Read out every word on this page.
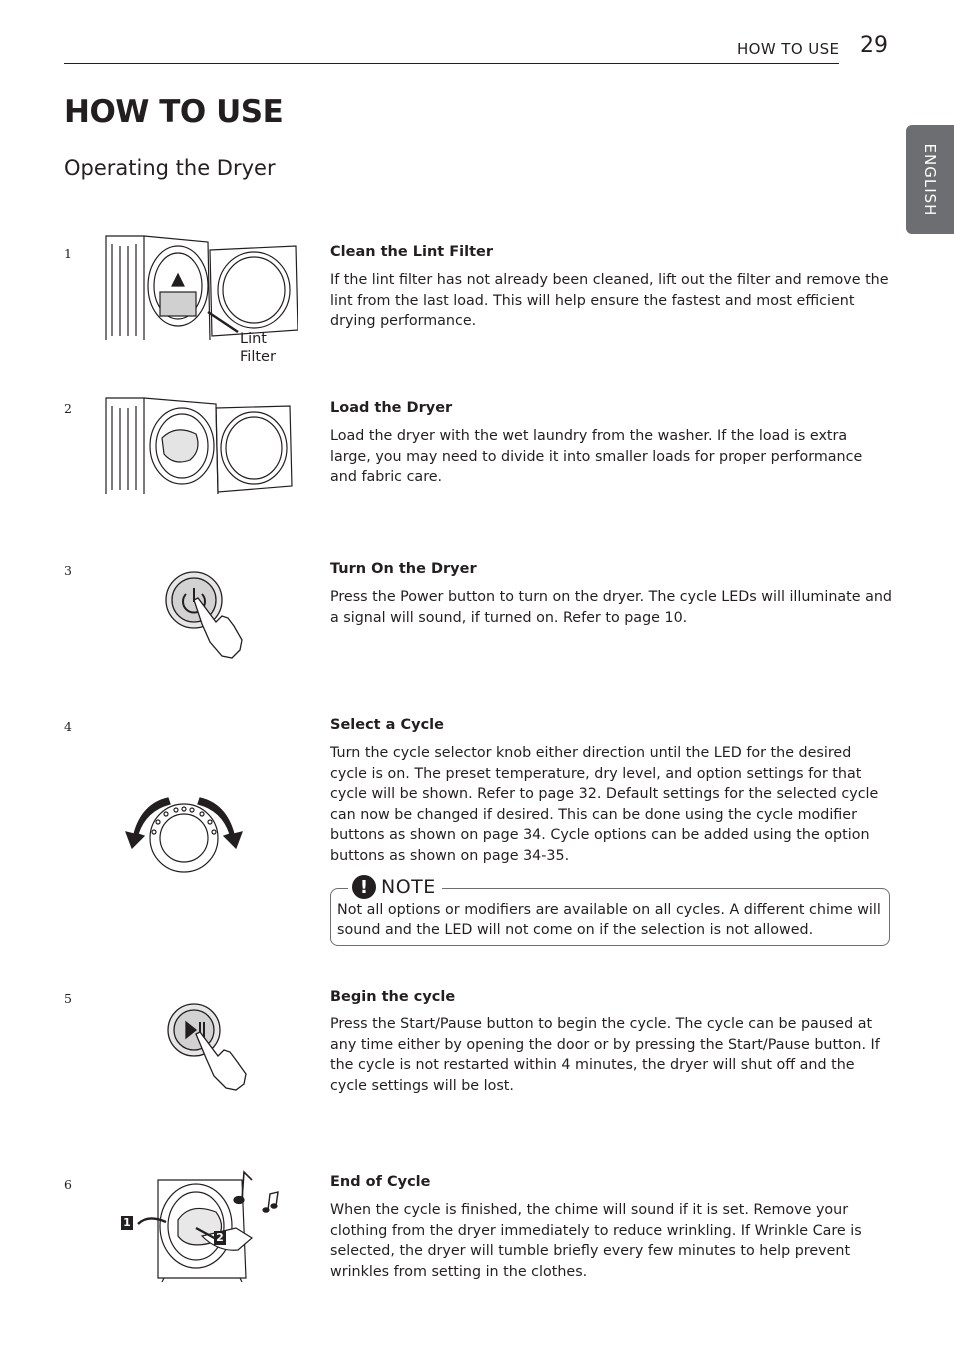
HOW TO USE 29
HOW TO USE
Operating the Dryer	ENGLISH
1
Lint
Filter
Clean the Lint Filter
If the lint filter has not already been cleaned, lift out the filter and remove the lint from the last load. This will help ensure the fastest and most efficient drying performance.
2	Load the Dryer
Load the dryer with the wet laundry from the washer. If the load is extra large, you may need to divide it into smaller loads for proper performance and fabric care.
3	Turn On the Dryer
Press the Power button to turn on the dryer. The cycle LEDs will illuminate and a signal will sound, if turned on. Refer to page 10.
4	Select a Cycle
Turn the cycle selector knob either direction until the LED for the desired cycle is on. The preset temperature, dry level, and option settings for that cycle will be shown. Refer to page 32. Default settings for the selected cycle can now be changed if desired. This can be done using the cycle modifier buttons as shown on page 34. Cycle options can be added using the option buttons as shown on page 34-35.
! NOTE
Not all options or modifiers are available on all cycles. A different chime will sound and the LED will not come on if the selection is not allowed.
5	Begin the cycle
Press the Start/Pause button to begin the cycle. The cycle can be paused at any time either by opening the door or by pressing the Start/Pause button. If the cycle is not restarted within 4 minutes, the dryer will shut off and the cycle settings will be lost.
6
1
2
End of Cycle
When the cycle is finished, the chime will sound if it is set. Remove your clothing from the dryer immediately to reduce wrinkling. If Wrinkle Care is selected, the dryer will tumble briefly every few minutes to help prevent wrinkles from setting in the clothes.
